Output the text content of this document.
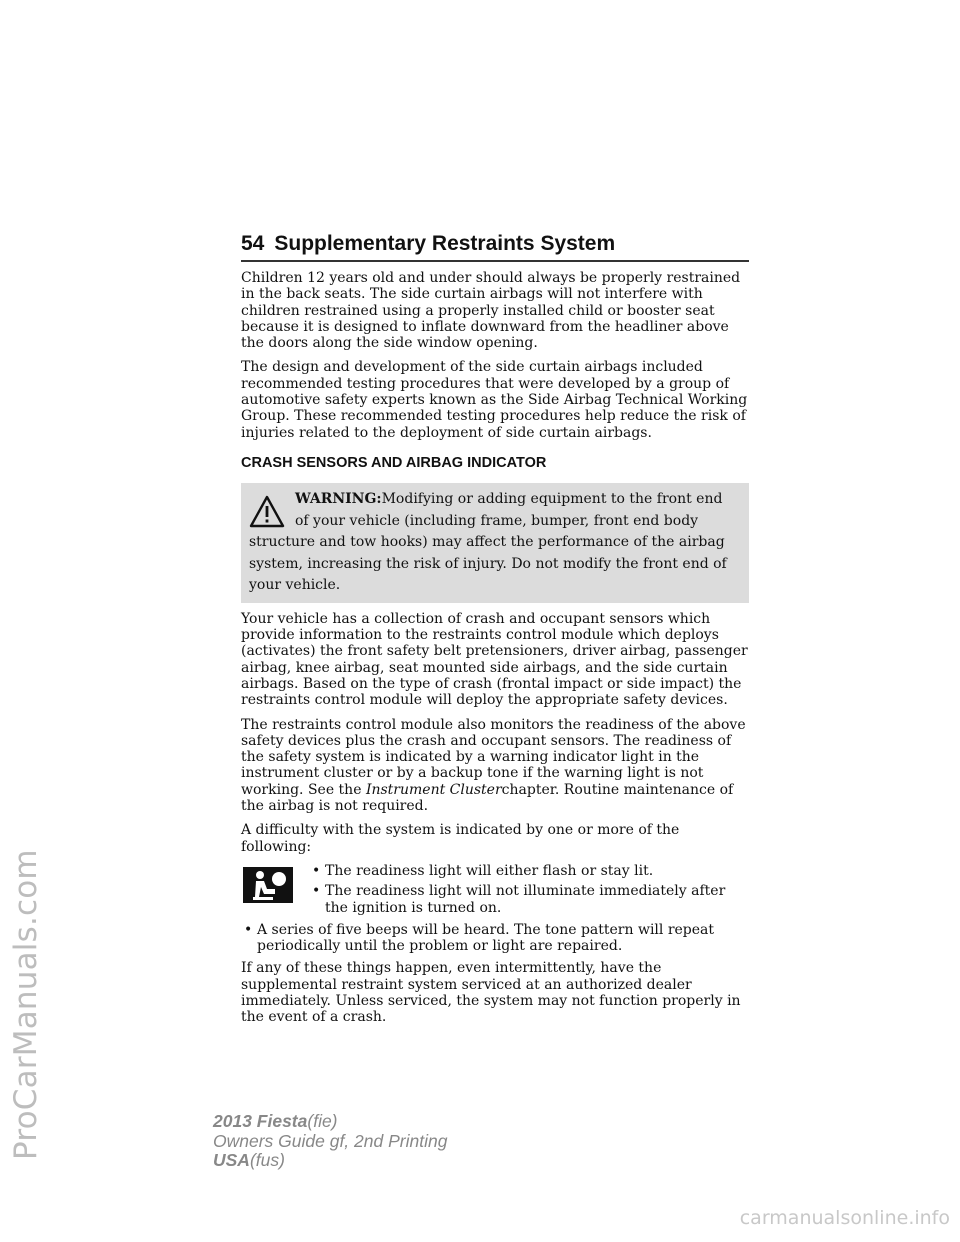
ProCarManuals.com
54 Supplementary Restraints System

Children 12 years old and under should always be properly restrained in the back seats. The side curtain airbags will not interfere with children restrained using a properly installed child or booster seat because it is designed to inflate downward from the headliner above the doors along the side window opening.

The design and development of the side curtain airbags included recommended testing procedures that were developed by a group of automotive safety experts known as the Side Airbag Technical Working Group. These recommended testing procedures help reduce the risk of injuries related to the deployment of side curtain airbags.

CRASH SENSORS AND AIRBAG INDICATOR
WARNING:Modifying or adding equipment to the front end of your vehicle (including frame, bumper, front end body structure and tow hooks) may affect the performance of the airbag system, increasing the risk of injury. Do not modify the front end of your vehicle.

Your vehicle has a collection of crash and occupant sensors which provide information to the restraints control module which deploys (activates) the front safety belt pretensioners, driver airbag, passenger airbag, knee airbag, seat mounted side airbags, and the side curtain airbags. Based on the type of crash (frontal impact or side impact) the restraints control module will deploy the appropriate safety devices.

The restraints control module also monitors the readiness of the above safety devices plus the crash and occupant sensors. The readiness of the safety system is indicated by a warning indicator light in the instrument cluster or by a backup tone if the warning light is not working. See the Instrument Clusterchapter. Routine maintenance of the airbag is not required.

A difficulty with the system is indicated by one or more of the following:

• The readiness light will either flash or stay lit.
• The readiness light will not illuminate immediately after the ignition is turned on.
• A series of five beeps will be heard. The tone pattern will repeat periodically until the problem or light are repaired.

If any of these things happen, even intermittently, have the supplemental restraint system serviced at an authorized dealer immediately. Unless serviced, the system may not function properly in the event of a crash.

2013 Fiesta(fie)
Owners Guide gf, 2nd Printing
USA(fus)
carmanualsonline.info
